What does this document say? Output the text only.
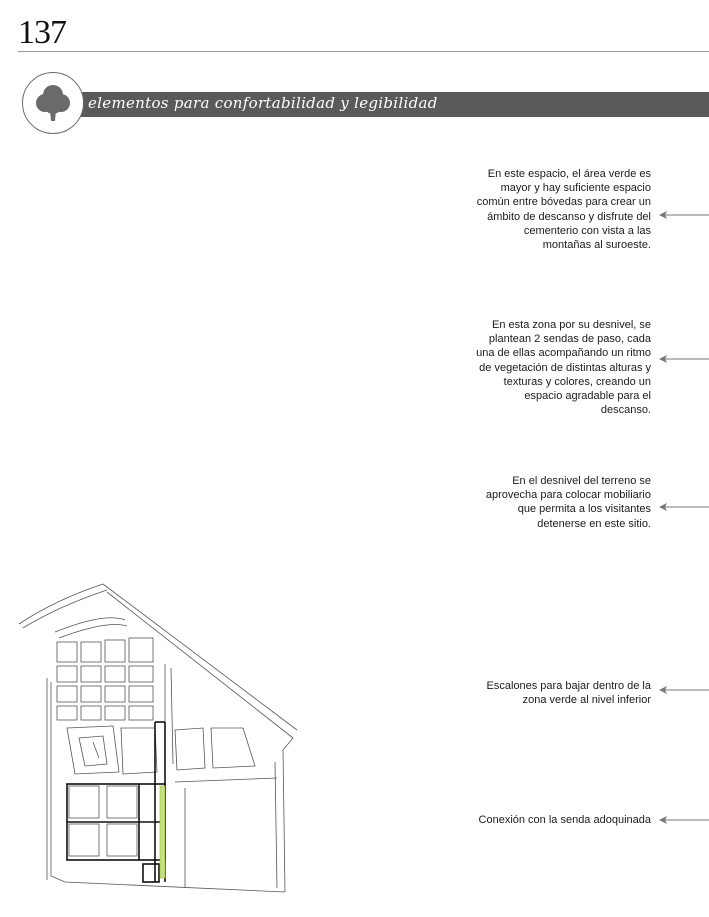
137
elementos para confortabilidad y legibilidad

En este espacio, el área verde es
mayor y hay suficiente espacio
común entre bóvedas para crear un
ámbito de descanso y disfrute del
cementerio con vista a las
montañas al suroeste.

En esta zona por su desnivel, se
plantean 2 sendas de paso, cada
una de ellas acompañando un ritmo
de vegetación de distintas alturas y
texturas y colores, creando un
espacio agradable para el
descanso.

En el desnivel del terreno se
aprovecha para colocar mobiliario
que permita a los visitantes
detenerse en este sitio.

Escalones para bajar dentro de la
zona verde al nivel inferior

Conexión con la senda adoquinada
